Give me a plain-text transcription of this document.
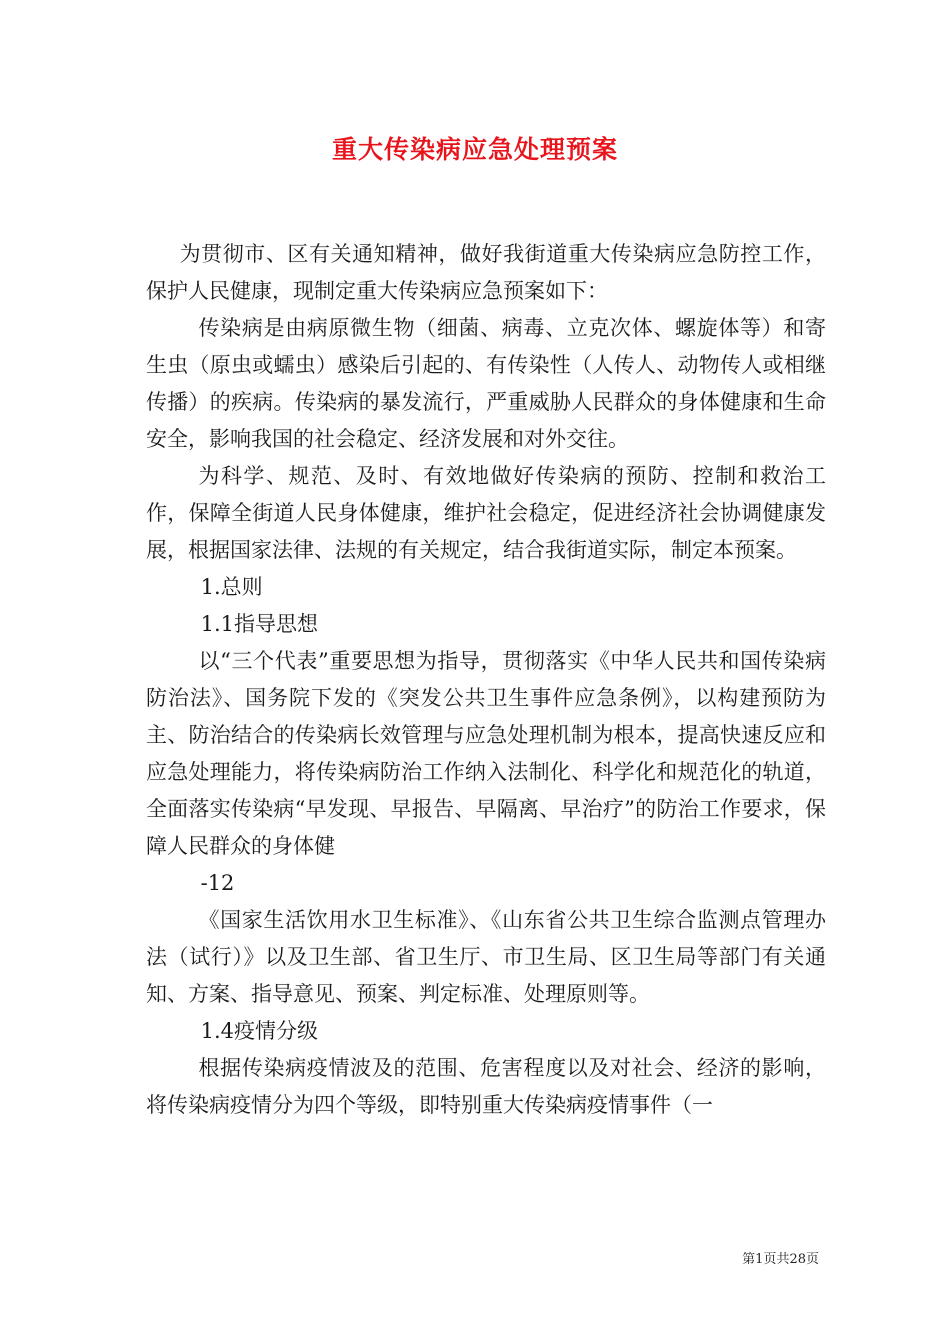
重大传染病应急处理预案

为贯彻市、区有关通知精神，做好我街道重大传染病应急防控工作，保护人民健康，现制定重大传染病应急预案如下：

传染病是由病原微生物（细菌、病毒、立克次体、螺旋体等）和寄生虫（原虫或蠕虫）感染后引起的、有传染性（人传人、动物传人或相继传播）的疾病。传染病的暴发流行，严重威胁人民群众的身体健康和生命安全，影响我国的社会稳定、经济发展和对外交往。

为科学、规范、及时、有效地做好传染病的预防、控制和救治工作，保障全街道人民身体健康，维护社会稳定，促进经济社会协调健康发展，根据国家法律、法规的有关规定，结合我街道实际，制定本预案。

1.总则

1.1指导思想

以“三个代表”重要思想为指导，贯彻落实《中华人民共和国传染病防治法》、国务院下发的《突发公共卫生事件应急条例》，以构建预防为主、防治结合的传染病长效管理与应急处理机制为根本，提高快速反应和应急处理能力，将传染病防治工作纳入法制化、科学化和规范化的轨道，全面落实传染病“早发现、早报告、早隔离、早治疗”的防治工作要求，保障人民群众的身体健

-12

《国家生活饮用水卫生标准》、《山东省公共卫生综合监测点管理办法（试行）》以及卫生部、省卫生厅、市卫生局、区卫生局等部门有关通知、方案、指导意见、预案、判定标准、处理原则等。

1.4疫情分级

根据传染病疫情波及的范围、危害程度以及对社会、经济的影响，将传染病疫情分为四个等级，即特别重大传染病疫情事件（一

第1页共28页
